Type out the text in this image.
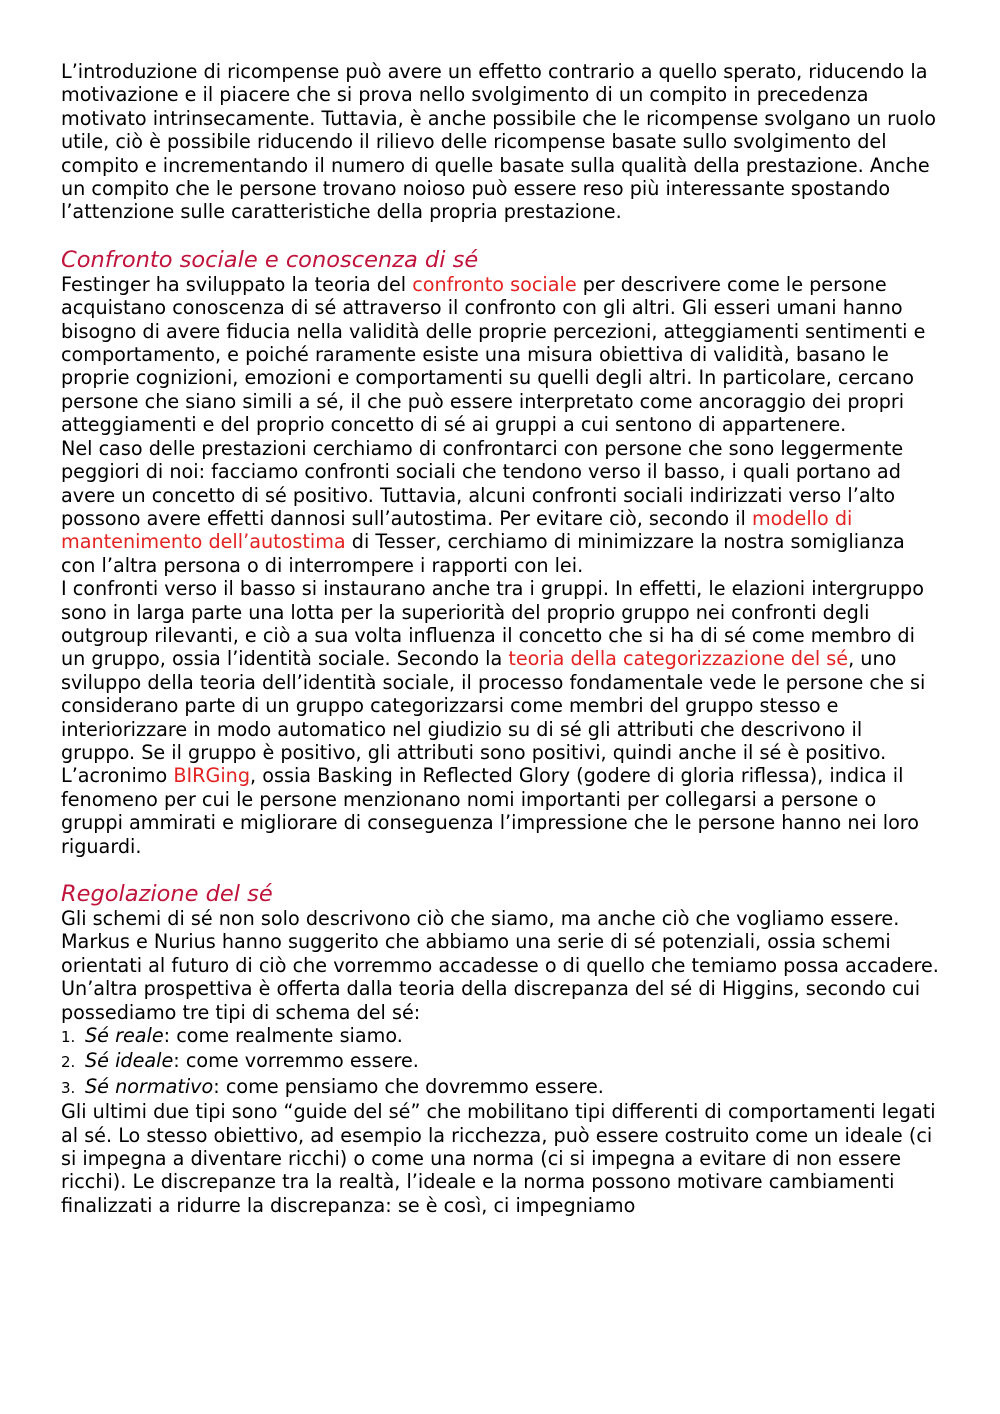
L’introduzione di ricompense può avere un effetto contrario a quello sperato, riducendo la motivazione e il piacere che si prova nello svolgimento di un compito in precedenza motivato intrinsecamente. Tuttavia, è anche possibile che le ricompense svolgano un ruolo utile, ciò è possibile riducendo il rilievo delle ricompense basate sullo svolgimento del compito e incrementando il numero di quelle basate sulla qualità della prestazione. Anche un compito che le persone trovano noioso può essere reso più interessante spostando l’attenzione sulle caratteristiche della propria prestazione.

Confronto sociale e conoscenza di sé

Festinger ha sviluppato la teoria del confronto sociale per descrivere come le persone acquistano conoscenza di sé attraverso il confronto con gli altri. Gli esseri umani hanno bisogno di avere fiducia nella validità delle proprie percezioni, atteggiamenti sentimenti e comportamento, e poiché raramente esiste una misura obiettiva di validità, basano le proprie cognizioni, emozioni e comportamenti su quelli degli altri. In particolare, cercano persone che siano simili a sé, il che può essere interpretato come ancoraggio dei propri atteggiamenti e del proprio concetto di sé ai gruppi a cui sentono di appartenere.

Nel caso delle prestazioni cerchiamo di confrontarci con persone che sono leggermente peggiori di noi: facciamo confronti sociali che tendono verso il basso, i quali portano ad avere un concetto di sé positivo. Tuttavia, alcuni confronti sociali indirizzati verso l’alto possono avere effetti dannosi sull’autostima. Per evitare ciò, secondo il modello di mantenimento dell’autostima di Tesser, cerchiamo di minimizzare la nostra somiglianza con l’altra persona o di interrompere i rapporti con lei.

I confronti verso il basso si instaurano anche tra i gruppi. In effetti, le elazioni intergruppo sono in larga parte una lotta per la superiorità del proprio gruppo nei confronti degli outgroup rilevanti, e ciò a sua volta influenza il concetto che si ha di sé come membro di un gruppo, ossia l’identità sociale. Secondo la teoria della categorizzazione del sé, uno sviluppo della teoria dell’identità sociale, il processo fondamentale vede le persone che si considerano parte di un gruppo categorizzarsi come membri del gruppo stesso e interiorizzare in modo automatico nel giudizio su di sé gli attributi che descrivono il gruppo. Se il gruppo è positivo, gli attributi sono positivi, quindi anche il sé è positivo.

L’acronimo BIRGing, ossia Basking in Reflected Glory (godere di gloria riflessa), indica il fenomeno per cui le persone menzionano nomi importanti per collegarsi a persone o gruppi ammirati e migliorare di conseguenza l’impressione che le persone hanno nei loro riguardi.

Regolazione del sé

Gli schemi di sé non solo descrivono ciò che siamo, ma anche ciò che vogliamo essere. Markus e Nurius hanno suggerito che abbiamo una serie di sé potenziali, ossia schemi orientati al futuro di ciò che vorremmo accadesse o di quello che temiamo possa accadere. Un’altra prospettiva è offerta dalla teoria della discrepanza del sé di Higgins, secondo cui possediamo tre tipi di schema del sé:

1. Sé reale: come realmente siamo.
2. Sé ideale: come vorremmo essere.
3. Sé normativo: come pensiamo che dovremmo essere.

Gli ultimi due tipi sono “guide del sé” che mobilitano tipi differenti di comportamenti legati al sé. Lo stesso obiettivo, ad esempio la ricchezza, può essere costruito come un ideale (ci si impegna a diventare ricchi) o come una norma (ci si impegna a evitare di non essere ricchi). Le discrepanze tra la realtà, l’ideale e la norma possono motivare cambiamenti finalizzati a ridurre la discrepanza: se è così, ci impegniamo
